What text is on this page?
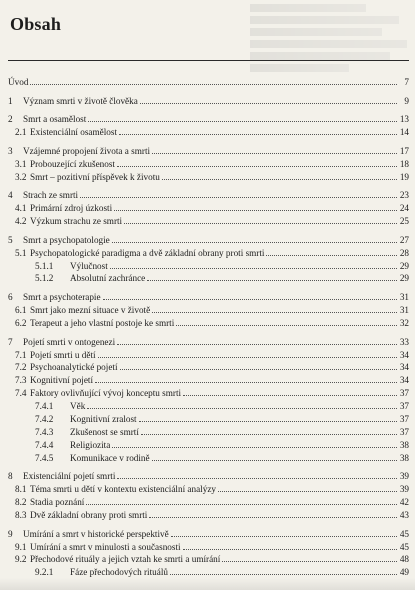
Obsah
Úvod	7
1	Význam smrti v životě člověka	9
2	Smrt a osamělost	13
2.1 Existenciální osamělost	14
3	Vzájemné propojení života a smrti	17
3.1 Probouzející zkušenost	18
3.2 Smrt – pozitivní příspěvek k životu	19
4	Strach ze smrti	23
4.1 Primární zdroj úzkosti	24
4.2 Výzkum strachu ze smrti	25
5	Smrt a psychopatologie	27
5.1 Psychopatologické paradigma a dvě základní obrany proti smrti	28
5.1.1	Výlučnost	29
5.1.2	Absolutní zachránce	29
6	Smrt a psychoterapie	31
6.1 Smrt jako mezní situace v životě	31
6.2 Terapeut a jeho vlastní postoje ke smrti	32
7	Pojetí smrti v ontogenezi	33
7.1 Pojetí smrti u dětí	34
7.2 Psychoanalytické pojetí	34
7.3 Kognitivní pojetí	34
7.4 Faktory ovlivňující vývoj konceptu smrti	37
7.4.1	Věk	37
7.4.2	Kognitivní zralost	37
7.4.3	Zkušenost se smrtí	37
7.4.4	Religiozita	38
7.4.5	Komunikace v rodině	38
8	Existenciální pojetí smrti	39
8.1 Téma smrti u dětí v kontextu existenciální analýzy	39
8.2 Stadia poznání	42
8.3 Dvě základní obrany proti smrti	43
9	Umírání a smrt v historické perspektivě	45
9.1 Umírání a smrt v minulosti a současnosti	45
9.2 Přechodové rituály a jejich vztah ke smrti a umírání	48
9.2.1	Fáze přechodových rituálů	49
